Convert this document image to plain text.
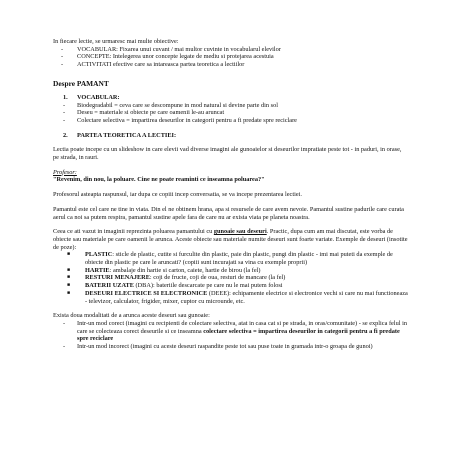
In fiecare lectie, se urmaresc mai multe obiective:

-	VOCABULAR: Fixarea unui cuvant / mai multor cuvinte in vocabularul elevilor
-	CONCEPTE: Intelegerea unor concepte legate de mediu si protejarea acestuia
-	ACTIVITATI efective care sa intareasca partea teoretica a lectiilor

Despre PAMANT

1.	VOCABULAR:
-	Biodegradabil = ceva care se descompune in mod natural si devine parte din sol
-	Deseu = materiale si obiecte pe care oamenii le-au aruncat
-	Colectare selectiva = impartirea deseurilor in categorii pentru a fi predate spre reciclare
2.	PARTEA TEORETICA A LECTIEI:

Lectia poate incepe cu un slideshow in care elevii vad diverse imagini ale gunoaielor si deseurilor impratiate peste tot - in paduri, in orase, pe strada, in rauri.

Profesor:

"Revenim, din nou, la poluare. Cine ne poate reaminti ce inseamna poluarea?"

Profesorul asteapta raspunsul, iar dupa ce copiii incep conversatia, se va incepe prezentarea lectiei.

Pamantul este cel care ne tine in viata. Din el ne obtinem hrana, apa si resursele de care avem nevoie. Pamantul sustine padurile care curata aerul ca noi sa putem respira, pamantul sustine apele fara de care nu ar exista viata pe planeta noastra.

Ceea ce ati vazut in imaginii reprezinta poluarea pamantului cu gunoaie sau deseuri. Practic, dupa cum am mai discutat, este vorba de obiecte sau materiale pe care oamenii le arunca. Aceste obiecte sau materiale numite deseuri sunt foarte variate. Exemple de deseuri (insotite de poze):

■	PLASTIC: sticle de plastic, cutite si furculite din plastic, paie din plastic, pungi din plastic - imi mai puteti da exemple de obiecte din plastic pe care le aruncati? (copiii sunt incurajati sa vina cu exemple proprii)
■	HARTIE: ambalaje din hartie si carton, caiete, hartie de birou (la fel)
■	RESTURI MENAJERE: coji de fructe, coji de oua, resturi de mancare (la fel)
■	BATERII UZATE (DBA): bateriile descarcate pe care nu le mai putem folosi
■	DESEURI ELECTRICE SI ELECTRONICE (DEEE): echipamente electrice si electronice vechi si care nu mai functioneaza - televizor, calculator, frigider, mixer, cuptor cu microunde, etc.

Exista doua modalitati de a arunca aceste deseuri sau gunoaie:

-	Intr-un mod corect (imagini cu recipienti de colectare selectiva, atat in casa cat si pe strada, in oras/comunitate) - se explica felul in care se colecteaza corect deseurile si ce inseamna colectare selectiva = impartirea deseurilor in categorii pentru a fi predate spre reciclare
-	Intr-un mod incorect (imagini cu aceste deseuri raspandite peste tot sau puse toate in gramada intr-o groapa de gunoi)
